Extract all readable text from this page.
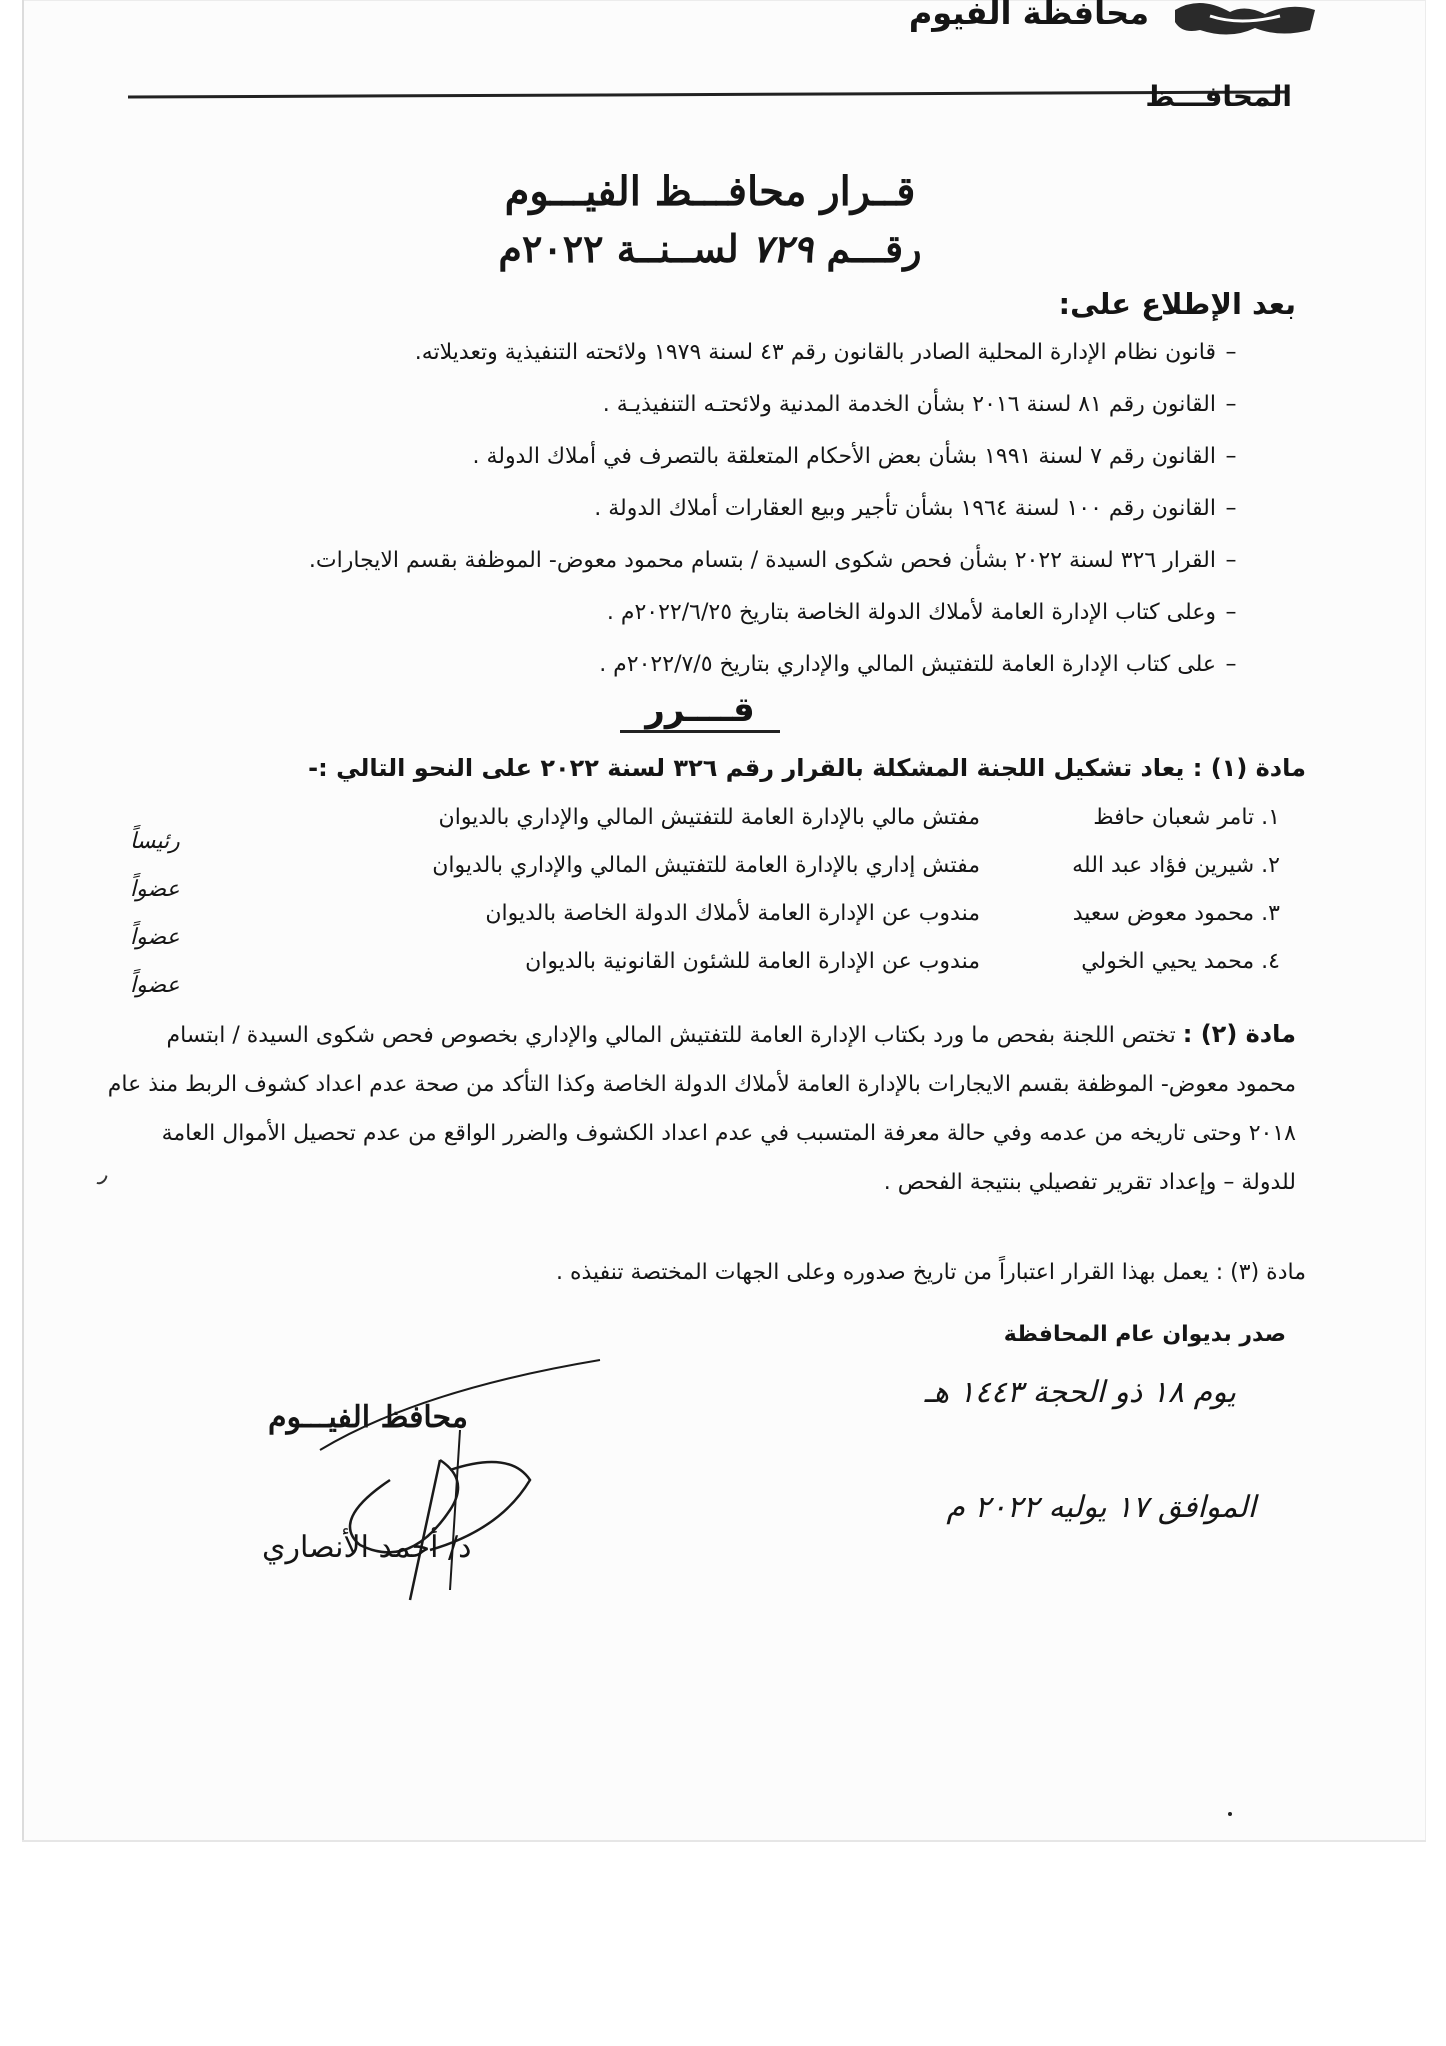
محافظة الفيوم
المحافـــظ
قــرار محافـــظ الفيـــوم
رقـــم ٧٢٩ لســنــة ٢٠٢٢م
بعد الإطلاع على:
–قانون نظام الإدارة المحلية الصادر بالقانون رقم ٤٣ لسنة ١٩٧٩ ولائحته التنفيذية وتعديلاته.
–القانون رقم ٨١ لسنة ٢٠١٦ بشأن الخدمة المدنية ولائحتـه التنفيذيـة .
–القانون رقم ٧ لسنة ١٩٩١ بشأن بعض الأحكام المتعلقة بالتصرف في أملاك الدولة .
–القانون رقم ١٠٠ لسنة ١٩٦٤ بشأن تأجير وبيع العقارات أملاك الدولة .
–القرار ٣٢٦ لسنة ٢٠٢٢ بشأن فحص شكوى السيدة / بتسام محمود معوض- الموظفة بقسم الايجارات.
–وعلى كتاب الإدارة العامة لأملاك الدولة الخاصة بتاريخ ٢٠٢٢/٦/٢٥م .
–على كتاب الإدارة العامة للتفتيش المالي والإداري بتاريخ ٢٠٢٢/٧/٥م .
قــــرر
مادة (١) : يعاد تشكيل اللجنة المشكلة بالقرار رقم ٣٢٦ لسنة ٢٠٢٢ على النحو التالي :-
١. تامر شعبان حافظ
مفتش مالي بالإدارة العامة للتفتيش المالي والإداري بالديوان
رئيساً
٢. شيرين فؤاد عبد الله
مفتش إداري بالإدارة العامة للتفتيش المالي والإداري بالديوان
عضواً
٣. محمود معوض سعيد
مندوب عن الإدارة العامة لأملاك الدولة الخاصة بالديوان
عضواً
٤. محمد يحيي الخولي
مندوب عن الإدارة العامة للشئون القانونية بالديوان
عضواً
مادة (٢) : تختص اللجنة بفحص ما ورد بكتاب الإدارة العامة للتفتيش المالي والإداري بخصوص فحص شكوى السيدة / ابتسام محمود معوض- الموظفة بقسم الايجارات بالإدارة العامة لأملاك الدولة الخاصة وكذا التأكد من صحة عدم اعداد كشوف الربط منذ عام ٢٠١٨ وحتى تاريخه من عدمه وفي حالة معرفة المتسبب في عدم اعداد الكشوف والضرر الواقع من عدم تحصيل الأموال العامة للدولة – وإعداد تقرير تفصيلي بنتيجة الفحص .
مادة (٣) : يعمل بهذا القرار اعتباراً من تاريخ صدوره وعلى الجهات المختصة تنفيذه .
صدر بديوان عام المحافظة
يوم ١٨ ذو الحجة ١٤٤٣ هـ
الموافق ١٧ يوليه ٢٠٢٢ م
محافظ الفيـــوم
د/ أحمد الأنصاري
٫
